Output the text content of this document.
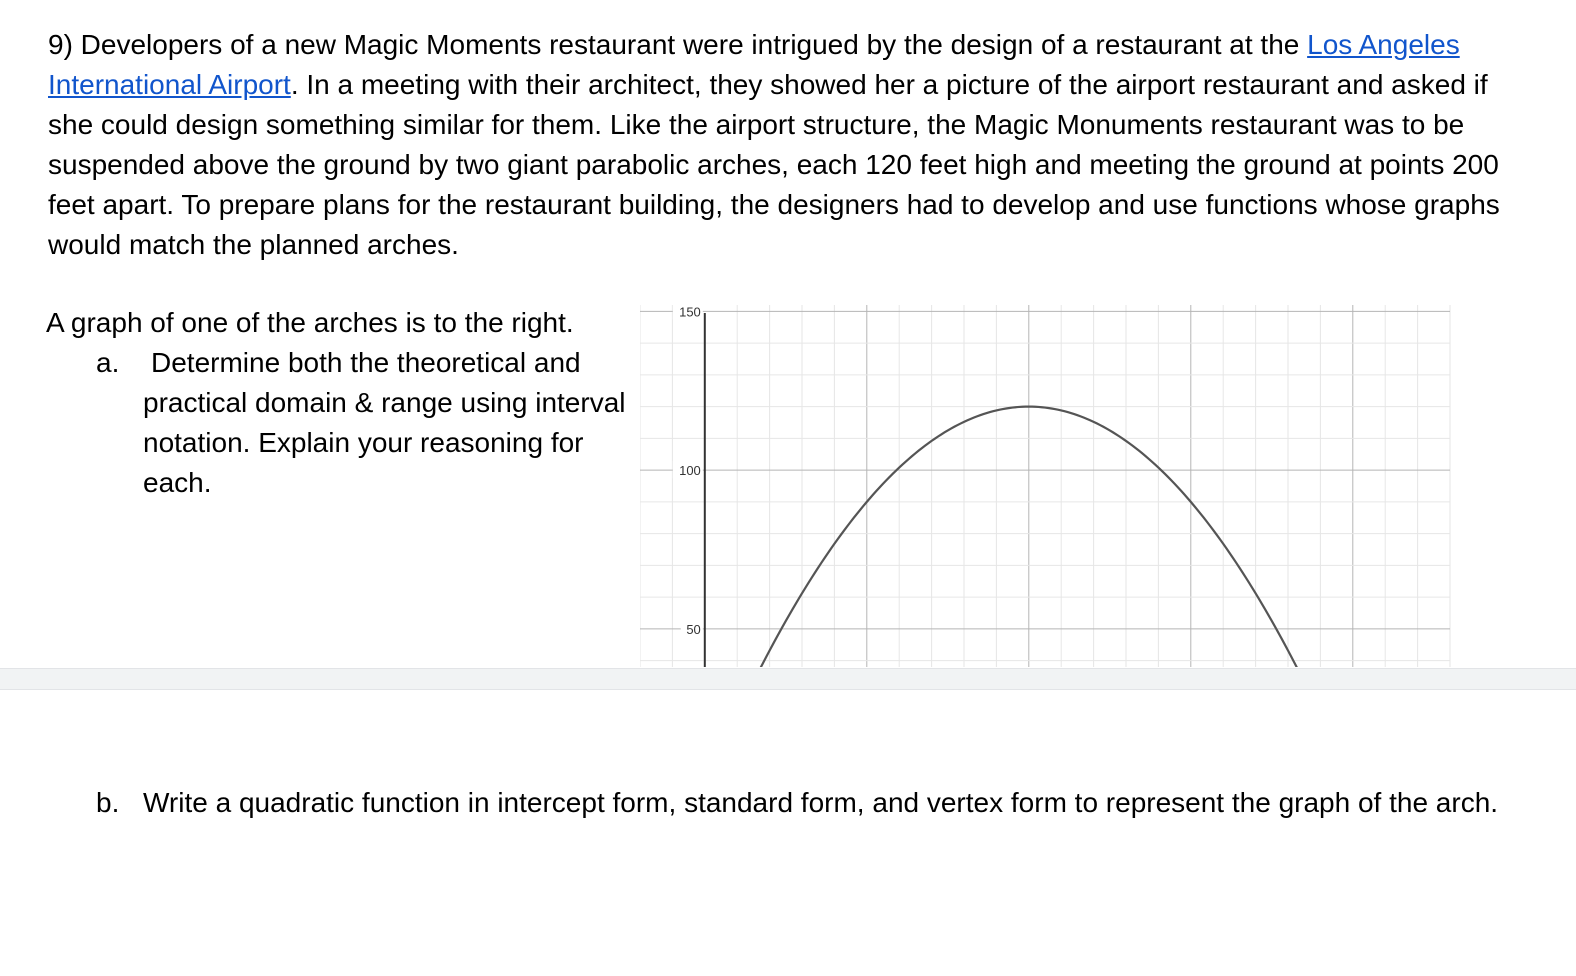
9) Developers of a new Magic Moments restaurant were intrigued by the design of a restaurant at the Los Angeles International Airport. In a meeting with their architect, they showed her a picture of the airport restaurant and asked if she could design something similar for them. Like the airport structure, the Magic Monuments restaurant was to be suspended above the ground by two giant parabolic arches, each 120 feet high and meeting the ground at points 200 feet apart. To prepare plans for the restaurant building, the designers had to develop and use functions whose graphs would match the planned arches.

A graph of one of the arches is to the right.
a. Determine both the theoretical and practical domain & range using interval notation. Explain your reasoning for each.
50
100
150
b. Write a quadratic function in intercept form, standard form, and vertex form to represent the graph of the arch.
